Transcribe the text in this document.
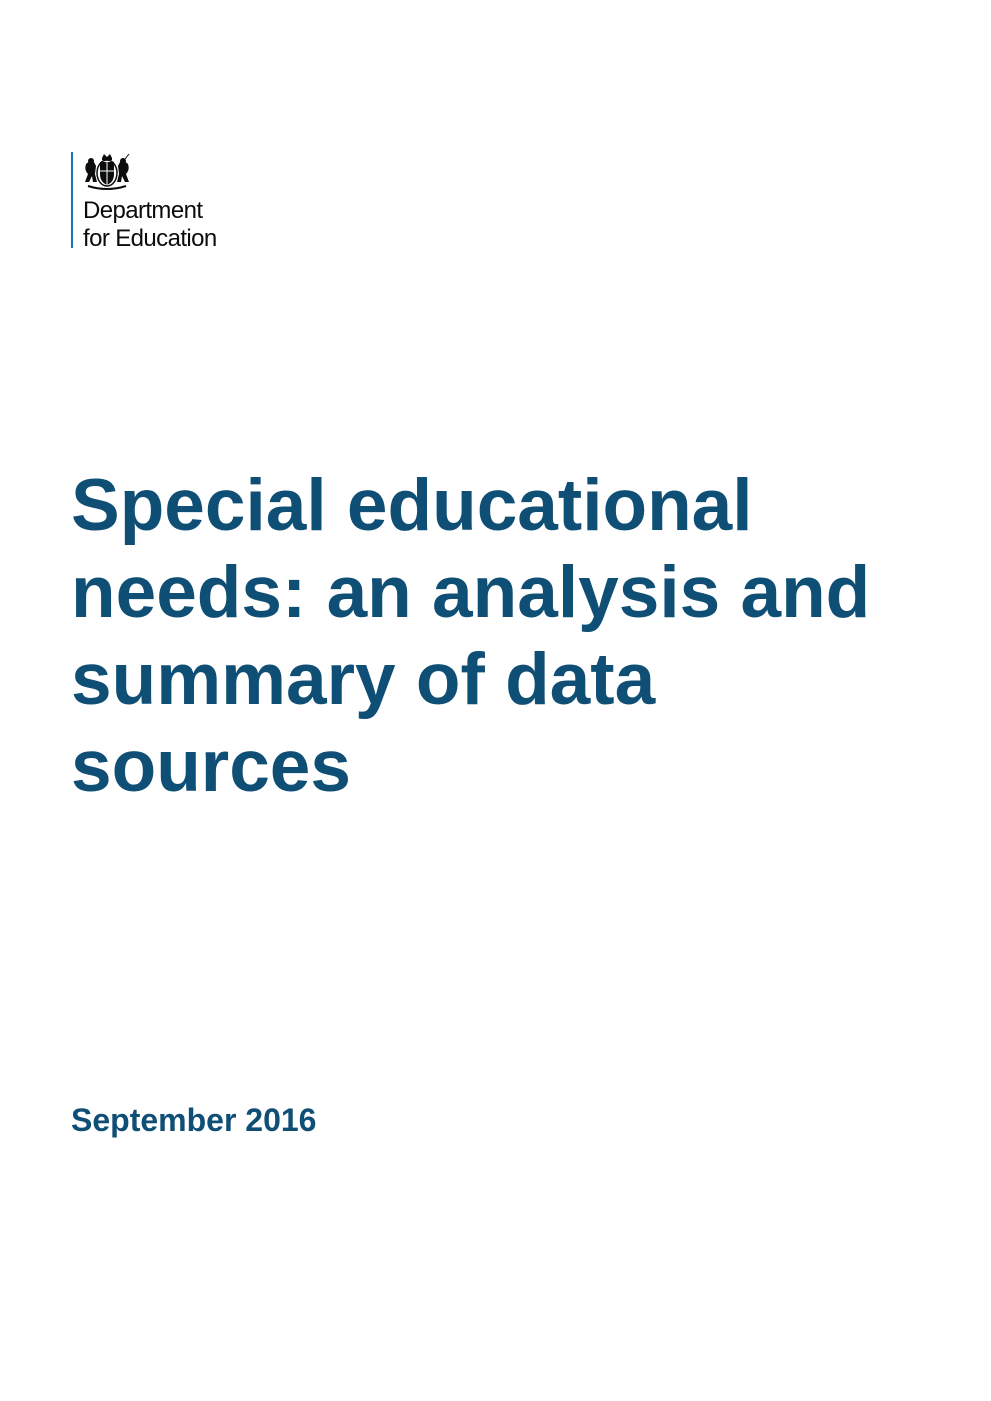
Department
for Education
Special educational
needs: an analysis and
summary of data
sources

September 2016
